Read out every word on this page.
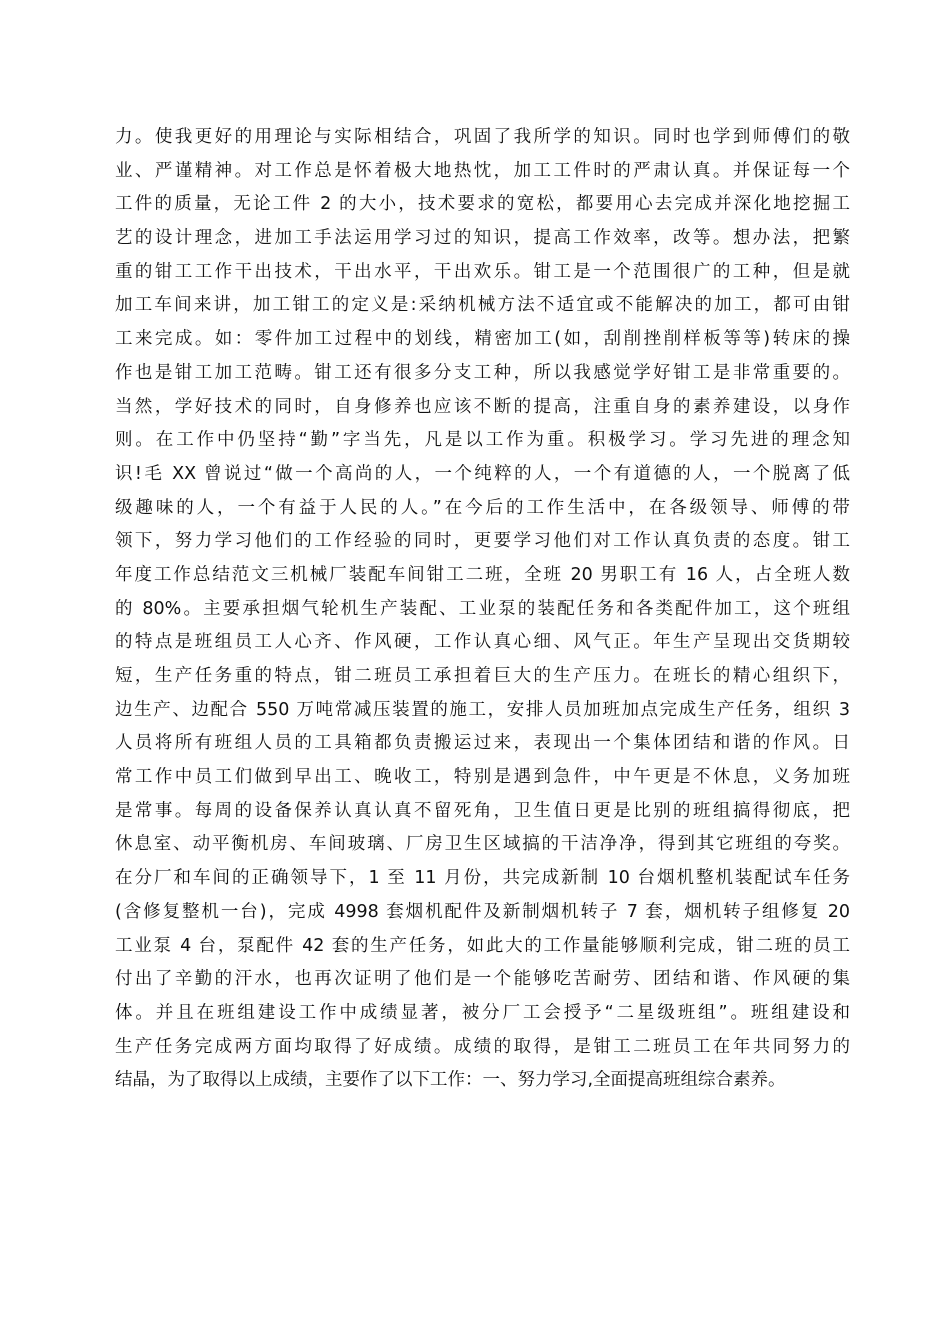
力。使我更好的用理论与实际相结合，巩固了我所学的知识。同时也学到师傅们的敬
业、严谨精神。对工作总是怀着极大地热忱，加工工件时的严肃认真。并保证每一个
工件的质量，无论工件 2 的大小，技术要求的宽松，都要用心去完成并深化地挖掘工
艺的设计理念，进加工手法运用学习过的知识，提高工作效率，改等。想办法，把繁
重的钳工工作干出技术，干出水平，干出欢乐。钳工是一个范围很广的工种，但是就
加工车间来讲，加工钳工的定义是:采纳机械方法不适宜或不能解决的加工，都可由钳
工来完成。如：零件加工过程中的划线，精密加工(如，刮削挫削样板等等)转床的操
作也是钳工加工范畴。钳工还有很多分支工种，所以我感觉学好钳工是非常重要的。
当然，学好技术的同时，自身修养也应该不断的提高，注重自身的素养建设，以身作
则。在工作中仍坚持“勤”字当先，凡是以工作为重。积极学习。学习先进的理念知
识!毛 XX 曾说过“做一个高尚的人，一个纯粹的人，一个有道德的人，一个脱离了低
级趣味的人，一个有益于人民的人。”在今后的工作生活中，在各级领导、师傅的带
领下，努力学习他们的工作经验的同时，更要学习他们对工作认真负责的态度。钳工
年度工作总结范文三机械厂装配车间钳工二班，全班 20 男职工有 16 人，占全班人数
的 80%。主要承担烟气轮机生产装配、工业泵的装配任务和各类配件加工，这个班组
的特点是班组员工人心齐、作风硬，工作认真心细、风气正。年生产呈现出交货期较
短，生产任务重的特点，钳二班员工承担着巨大的生产压力。在班长的精心组织下，
边生产、边配合 550 万吨常减压装置的施工，安排人员加班加点完成生产任务，组织 3
人员将所有班组人员的工具箱都负责搬运过来，表现出一个集体团结和谐的作风。日
常工作中员工们做到早出工、晚收工，特别是遇到急件，中午更是不休息，义务加班
是常事。每周的设备保养认真认真不留死角，卫生值日更是比别的班组搞得彻底，把
休息室、动平衡机房、车间玻璃、厂房卫生区域搞的干洁净净，得到其它班组的夸奖。
在分厂和车间的正确领导下，1 至 11 月份，共完成新制 10 台烟机整机装配试车任务
(含修复整机一台)，完成 4998 套烟机配件及新制烟机转子 7 套，烟机转子组修复 20
工业泵 4 台，泵配件 42 套的生产任务，如此大的工作量能够顺利完成，钳二班的员工
付出了辛勤的汗水，也再次证明了他们是一个能够吃苦耐劳、团结和谐、作风硬的集
体。并且在班组建设工作中成绩显著，被分厂工会授予“二星级班组”。班组建设和
生产任务完成两方面均取得了好成绩。成绩的取得，是钳工二班员工在年共同努力的
结晶，为了取得以上成绩，主要作了以下工作：一、努力学习,全面提高班组综合素养。
